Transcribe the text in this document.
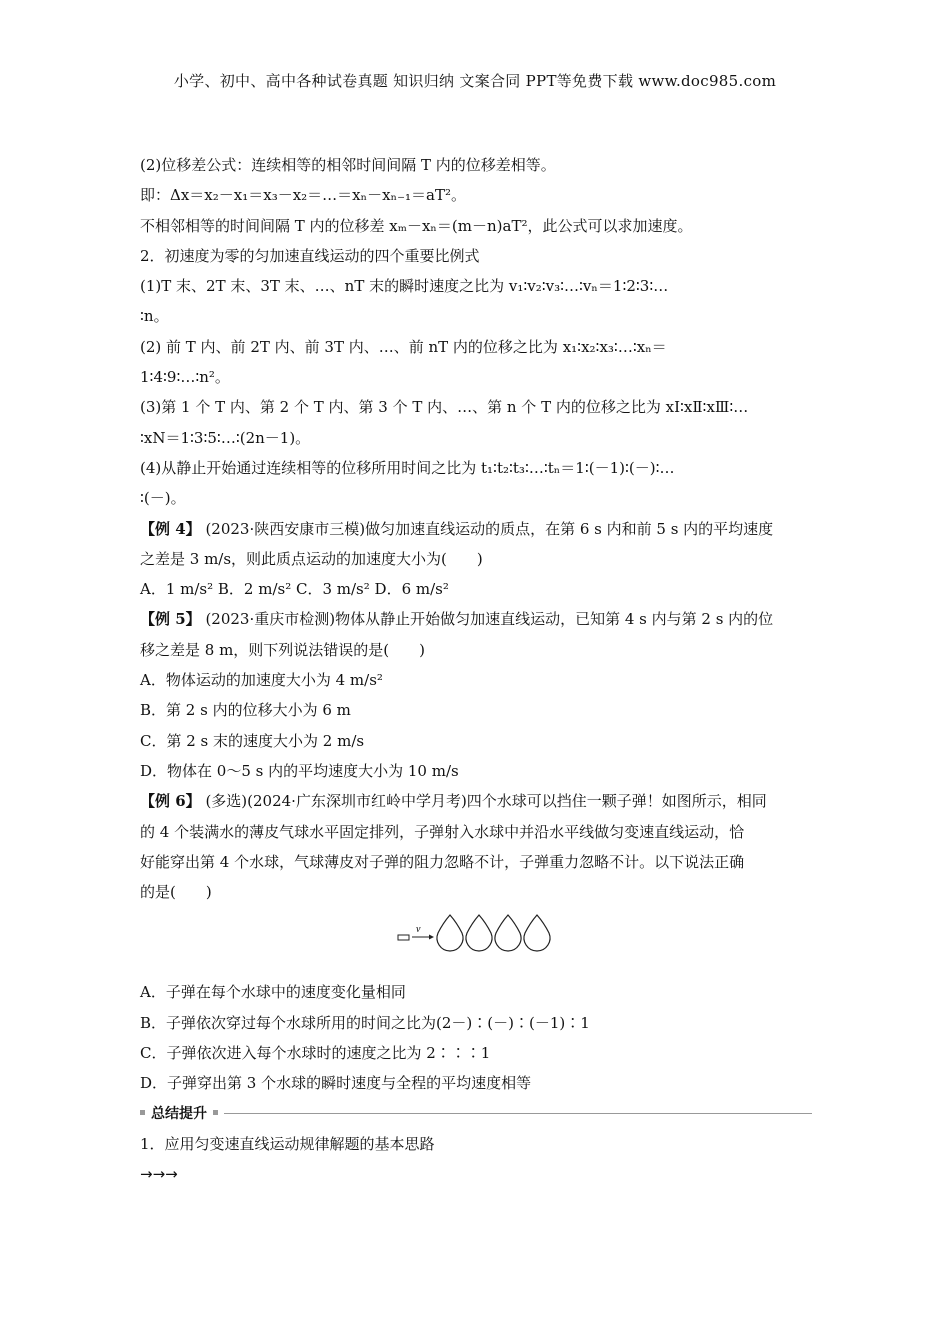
小学、初中、高中各种试卷真题 知识归纳 文案合同 PPT等免费下载 www.doc985.com
(2)位移差公式：连续相等的相邻时间间隔 T 内的位移差相等。
即：Δx＝x₂－x₁＝x₃－x₂＝…＝xₙ－xₙ₋₁＝aT²。
不相邻相等的时间间隔 T 内的位移差 xₘ－xₙ＝(m－n)aT²，此公式可以求加速度。
2．初速度为零的匀加速直线运动的四个重要比例式
(1)T 末、2T 末、3T 末、…、nT 末的瞬时速度之比为 v₁∶v₂∶v₃∶…∶vₙ＝1∶2∶3∶…
∶n。
(2) 前 T 内、前 2T 内、前 3T 内、…、前 nT 内的位移之比为 x₁∶x₂∶x₃∶…∶xₙ＝
1∶4∶9∶…∶n²。
(3)第 1 个 T 内、第 2 个 T 内、第 3 个 T 内、…、第 n 个 T 内的位移之比为 xⅠ∶xⅡ∶xⅢ∶…
∶xN＝1∶3∶5∶…∶(2n－1)。
(4)从静止开始通过连续相等的位移所用时间之比为 t₁∶t₂∶t₃∶…∶tₙ＝1∶(－1)∶(－)∶…
∶(－)。
【例 4】 (2023·陕西安康市三模)做匀加速直线运动的质点，在第 6 s 内和前 5 s 内的平均速度
之差是 3 m/s，则此质点运动的加速度大小为(　　)
A．1 m/s² B．2 m/s² C．3 m/s² D．6 m/s²
【例 5】 (2023·重庆市检测)物体从静止开始做匀加速直线运动，已知第 4 s 内与第 2 s 内的位
移之差是 8 m，则下列说法错误的是(　　)
A．物体运动的加速度大小为 4 m/s²
B．第 2 s 内的位移大小为 6 m
C．第 2 s 末的速度大小为 2 m/s
D．物体在 0～5 s 内的平均速度大小为 10 m/s
【例 6】 (多选)(2024·广东深圳市红岭中学月考)四个水球可以挡住一颗子弹！如图所示，相同
的 4 个装满水的薄皮气球水平固定排列，子弹射入水球中并沿水平线做匀变速直线运动，恰
好能穿出第 4 个水球，气球薄皮对子弹的阻力忽略不计，子弹重力忽略不计。以下说法正确
的是(　　)
v
A．子弹在每个水球中的速度变化量相同
B．子弹依次穿过每个水球所用的时间之比为(2－)∶(－)∶(－1)∶1
C．子弹依次进入每个水球时的速度之比为 2∶∶∶1
D．子弹穿出第 3 个水球的瞬时速度与全程的平均速度相等
总结提升
1．应用匀变速直线运动规律解题的基本思路
→→→
